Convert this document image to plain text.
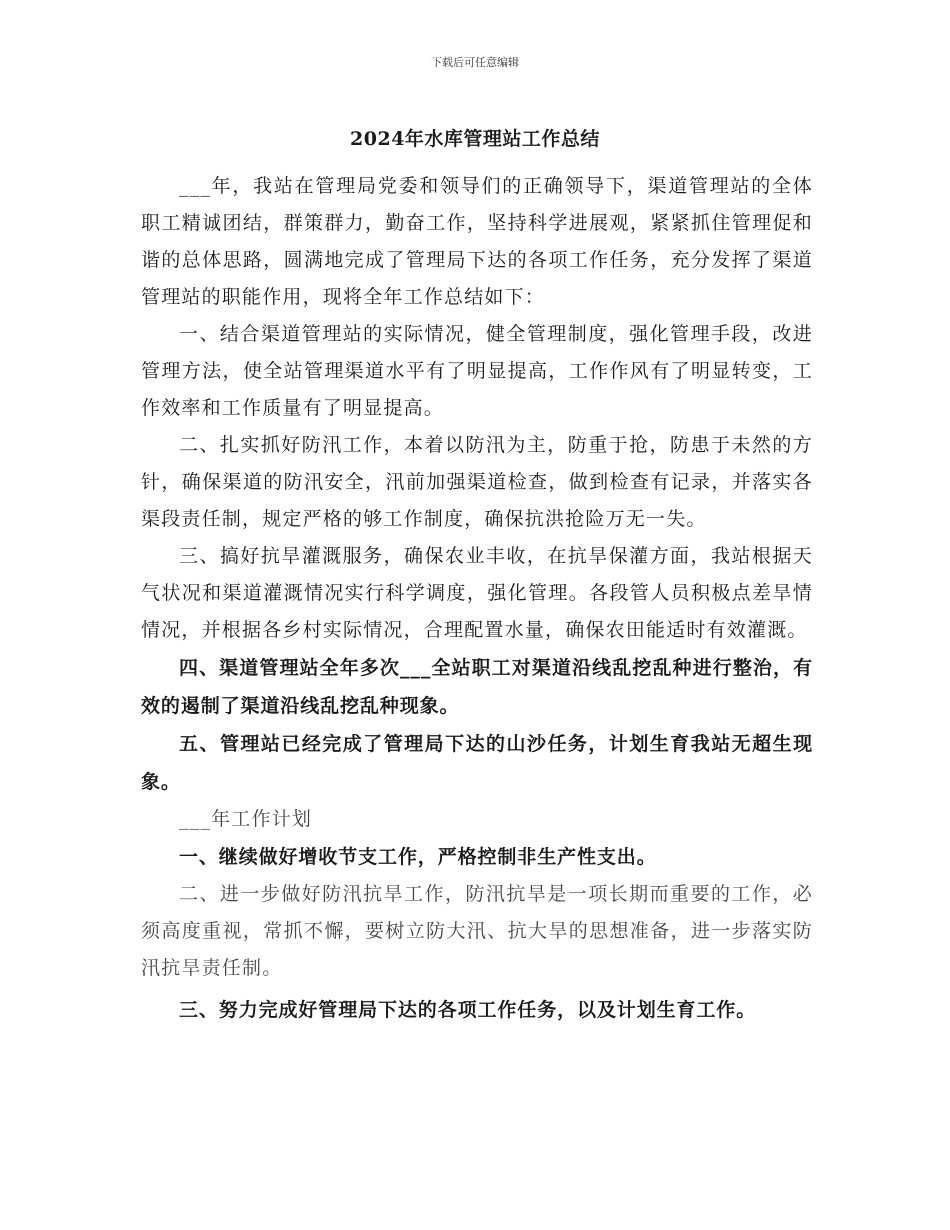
下载后可任意编辑
2024年水库管理站工作总结

___年，我站在管理局党委和领导们的正确领导下，渠道管理站的全体职工精诚团结，群策群力，勤奋工作，坚持科学进展观，紧紧抓住管理促和谐的总体思路，圆满地完成了管理局下达的各项工作任务，充分发挥了渠道管理站的职能作用，现将全年工作总结如下：

一、结合渠道管理站的实际情况，健全管理制度，强化管理手段，改进管理方法，使全站管理渠道水平有了明显提高，工作作风有了明显转变，工作效率和工作质量有了明显提高。

二、扎实抓好防汛工作，本着以防汛为主，防重于抢，防患于未然的方针，确保渠道的防汛安全，汛前加强渠道检查，做到检查有记录，并落实各渠段责任制，规定严格的够工作制度，确保抗洪抢险万无一失。

三、搞好抗旱灌溉服务，确保农业丰收，在抗旱保灌方面，我站根据天气状况和渠道灌溉情况实行科学调度，强化管理。各段管人员积极点差旱情情况，并根据各乡村实际情况，合理配置水量，确保农田能适时有效灌溉。

四、渠道管理站全年多次___全站职工对渠道沿线乱挖乱种进行整治，有效的遏制了渠道沿线乱挖乱种现象。

五、管理站已经完成了管理局下达的山沙任务，计划生育我站无超生现象。

___年工作计划

一、继续做好增收节支工作，严格控制非生产性支出。

二、进一步做好防汛抗旱工作，防汛抗旱是一项长期而重要的工作，必须高度重视，常抓不懈，要树立防大汛、抗大旱的思想准备，进一步落实防汛抗旱责任制。

三、努力完成好管理局下达的各项工作任务，以及计划生育工作。
